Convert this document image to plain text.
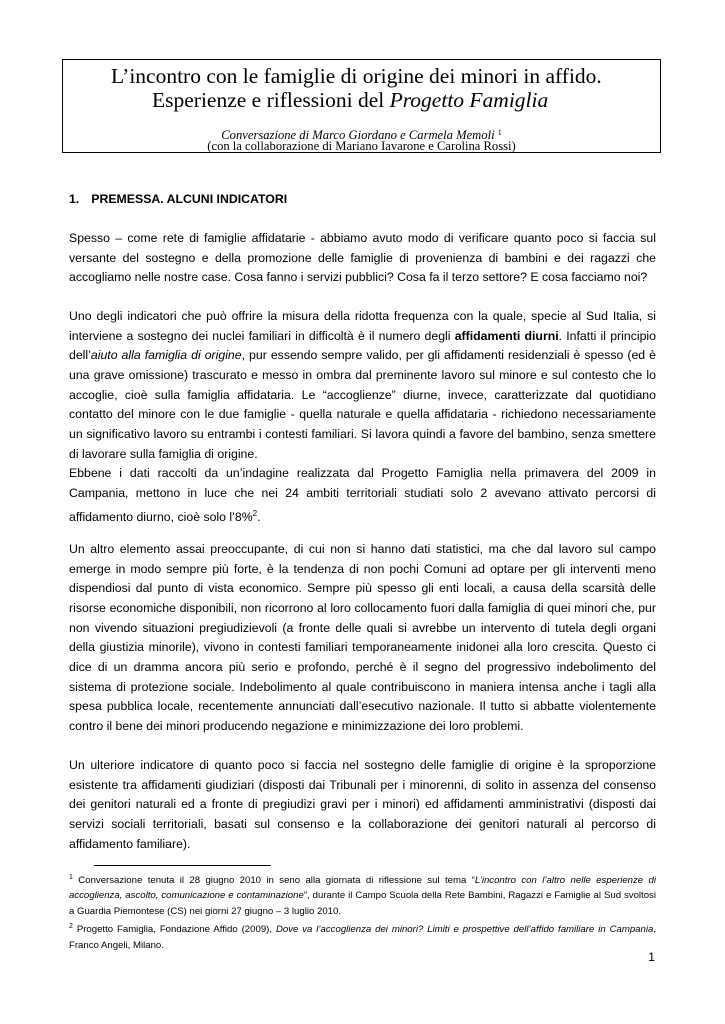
L’incontro con le famiglie di origine dei minori in affido.
Esperienze e riflessioni del Progetto Famiglia
Conversazione di Marco Giordano e Carmela Memoli $^1$
(con la collaborazione di Mariano Iavarone e Carolina Rossi)
1. PREMESSA. ALCUNI INDICATORI

Spesso – come rete di famiglie affidatarie - abbiamo avuto modo di verificare quanto poco si faccia sul versante del sostegno e della promozione delle famiglie di provenienza di bambini e dei ragazzi che accogliamo nelle nostre case. Cosa fanno i servizi pubblici? Cosa fa il terzo settore? E cosa facciamo noi?

Uno degli indicatori che può offrire la misura della ridotta frequenza con la quale, specie al Sud Italia, si interviene a sostegno dei nuclei familiari in difficoltà è il numero degli affidamenti diurni. Infatti il principio dell’aiuto alla famiglia di origine, pur essendo sempre valido, per gli affidamenti residenziali è spesso (ed è una grave omissione) trascurato e messo in ombra dal preminente lavoro sul minore e sul contesto che lo accoglie, cioè sulla famiglia affidataria. Le “accoglienze” diurne, invece, caratterizzate dal quotidiano contatto del minore con le due famiglie - quella naturale e quella affidataria - richiedono necessariamente un significativo lavoro su entrambi i contesti familiari. Si lavora quindi a favore del bambino, senza smettere di lavorare sulla famiglia di origine.

Ebbene i dati raccolti da un’indagine realizzata dal Progetto Famiglia nella primavera del 2009 in Campania, mettono in luce che nei 24 ambiti territoriali studiati solo 2 avevano attivato percorsi di affidamento diurno, cioè solo l’8%$^2$.

Un altro elemento assai preoccupante, di cui non si hanno dati statistici, ma che dal lavoro sul campo emerge in modo sempre più forte, è la tendenza di non pochi Comuni ad optare per gli interventi meno dispendiosi dal punto di vista economico. Sempre più spesso gli enti locali, a causa della scarsità delle risorse economiche disponibili, non ricorrono al loro collocamento fuori dalla famiglia di quei minori che, pur non vivendo situazioni pregiudizievoli (a fronte delle quali si avrebbe un intervento di tutela degli organi della giustizia minorile), vivono in contesti familiari temporaneamente inidonei alla loro crescita. Questo ci dice di un dramma ancora più serio e profondo, perché è il segno del progressivo indebolimento del sistema di protezione sociale. Indebolimento al quale contribuiscono in maniera intensa anche i tagli alla spesa pubblica locale, recentemente annunciati dall’esecutivo nazionale. Il tutto si abbatte violentemente contro il bene dei minori producendo negazione e minimizzazione dei loro problemi.

Un ulteriore indicatore di quanto poco si faccia nel sostegno delle famiglie di origine è la sproporzione esistente tra affidamenti giudiziari (disposti dai Tribunali per i minorenni, di solito in assenza del consenso dei genitori naturali ed a fronte di pregiudizi gravi per i minori) ed affidamenti amministrativi (disposti dai servizi sociali territoriali, basati sul consenso e la collaborazione dei genitori naturali al percorso di affidamento familiare).

$^1$ Conversazione tenuta il 28 giugno 2010 in seno alla giornata di riflessione sul tema “L’incontro con l’altro nelle esperienze di accoglienza, ascolto, comunicazione e contaminazione”, durante il Campo Scuola della Rete Bambini, Ragazzi e Famiglie al Sud svoltosi a Guardia Piemontese (CS) nei giorni 27 giugno – 3 luglio 2010.

$^2$ Progetto Famiglia, Fondazione Affido (2009), Dove va l’accoglienza dei minori? Limiti e prospettive dell’affido familiare in Campania, Franco Angeli, Milano.

1
